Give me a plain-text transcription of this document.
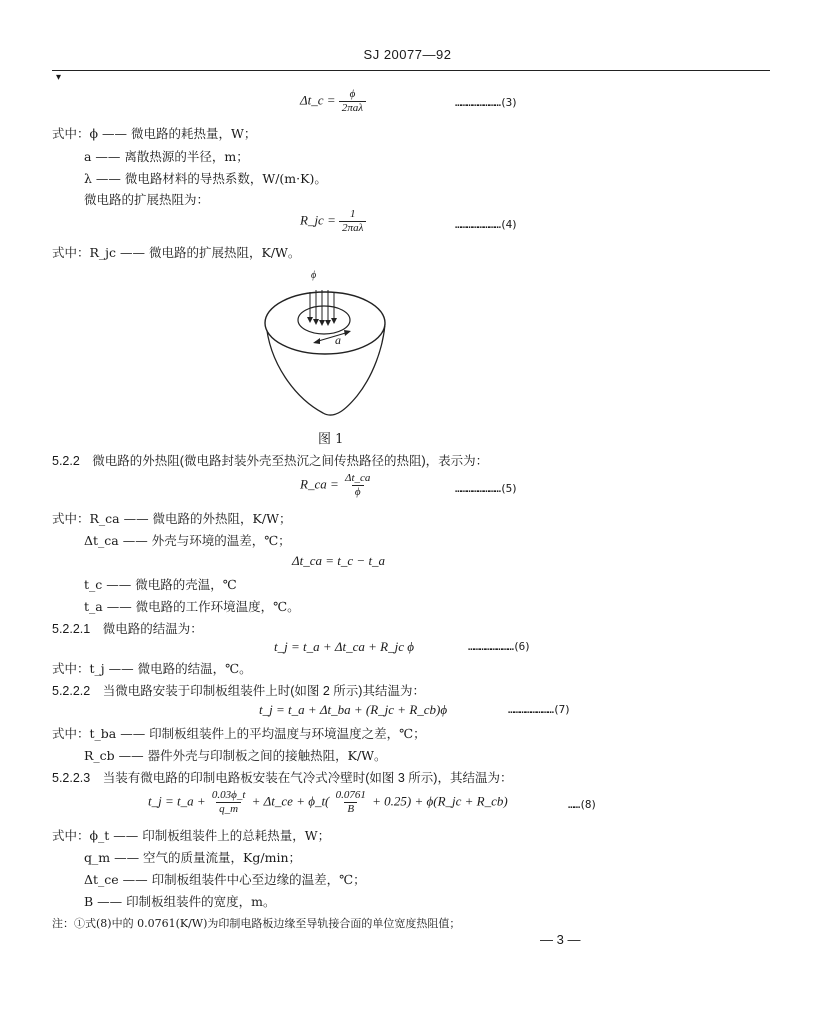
SJ 20077—92
▾
Δt_c = $\frac{\phi}{\text{2πaλ}}$	……………………(3)
式中：ϕ —— 微电路的耗热量，W；
a —— 离散热源的半径，m；
λ —— 微电路材料的导热系数，W/(m·K)。
微电路的扩展热阻为：
R_jc = $\frac{1}{\text{2πaλ}}$	……………………(4)
式中：R_jc —— 微电路的扩展热阻，K/W。
ϕ
a
图 1
5.2.2　微电路的外热阻(微电路封装外壳至热沉之间传热路径的热阻)，表示为：
R_ca = $\frac{\Delta t\_ca}{\phi}$	……………………(5)
式中：R_ca —— 微电路的外热阻，K/W；
Δt_ca —— 外壳与环境的温差，℃；
Δt_ca = t_c − t_a
t_c —— 微电路的壳温，℃
t_a —— 微电路的工作环境温度，℃。
5.2.2.1　微电路的结温为：
t_j = t_a + Δt_ca + R_jc ϕ	……………………(6)
式中：t_j —— 微电路的结温，℃。
5.2.2.2　当微电路安装于印制板组装件上时(如图 2 所示)其结温为：
t_j = t_a + Δt_ba + (R_jc + R_cb)ϕ	……………………(7)
式中：t_ba —— 印制板组装件上的平均温度与环境温度之差，℃；
R_cb —— 器件外壳与印制板之间的接触热阻，K/W。
5.2.2.3　当装有微电路的印制电路板安装在气冷式冷壁时(如图 3 所示)，其结温为：
t_j = t_a + $\frac{0.03\phi\_t}{q\_m}$ + Δt_ce + ϕ_t( $\frac{0.0761}{B} + 0.25$) + ϕ(R_jc + R_cb)	……(8)
式中：ϕ_t —— 印制板组装件上的总耗热量，W；
q_m —— 空气的质量流量，Kg/min；
Δt_ce —— 印制板组装件中心至边缘的温差，℃；
B —— 印制板组装件的宽度，m。
注：①式(8)中的 0.0761(K/W)为印制电路板边缘至导轨接合面的单位宽度热阻值；
— 3 —
